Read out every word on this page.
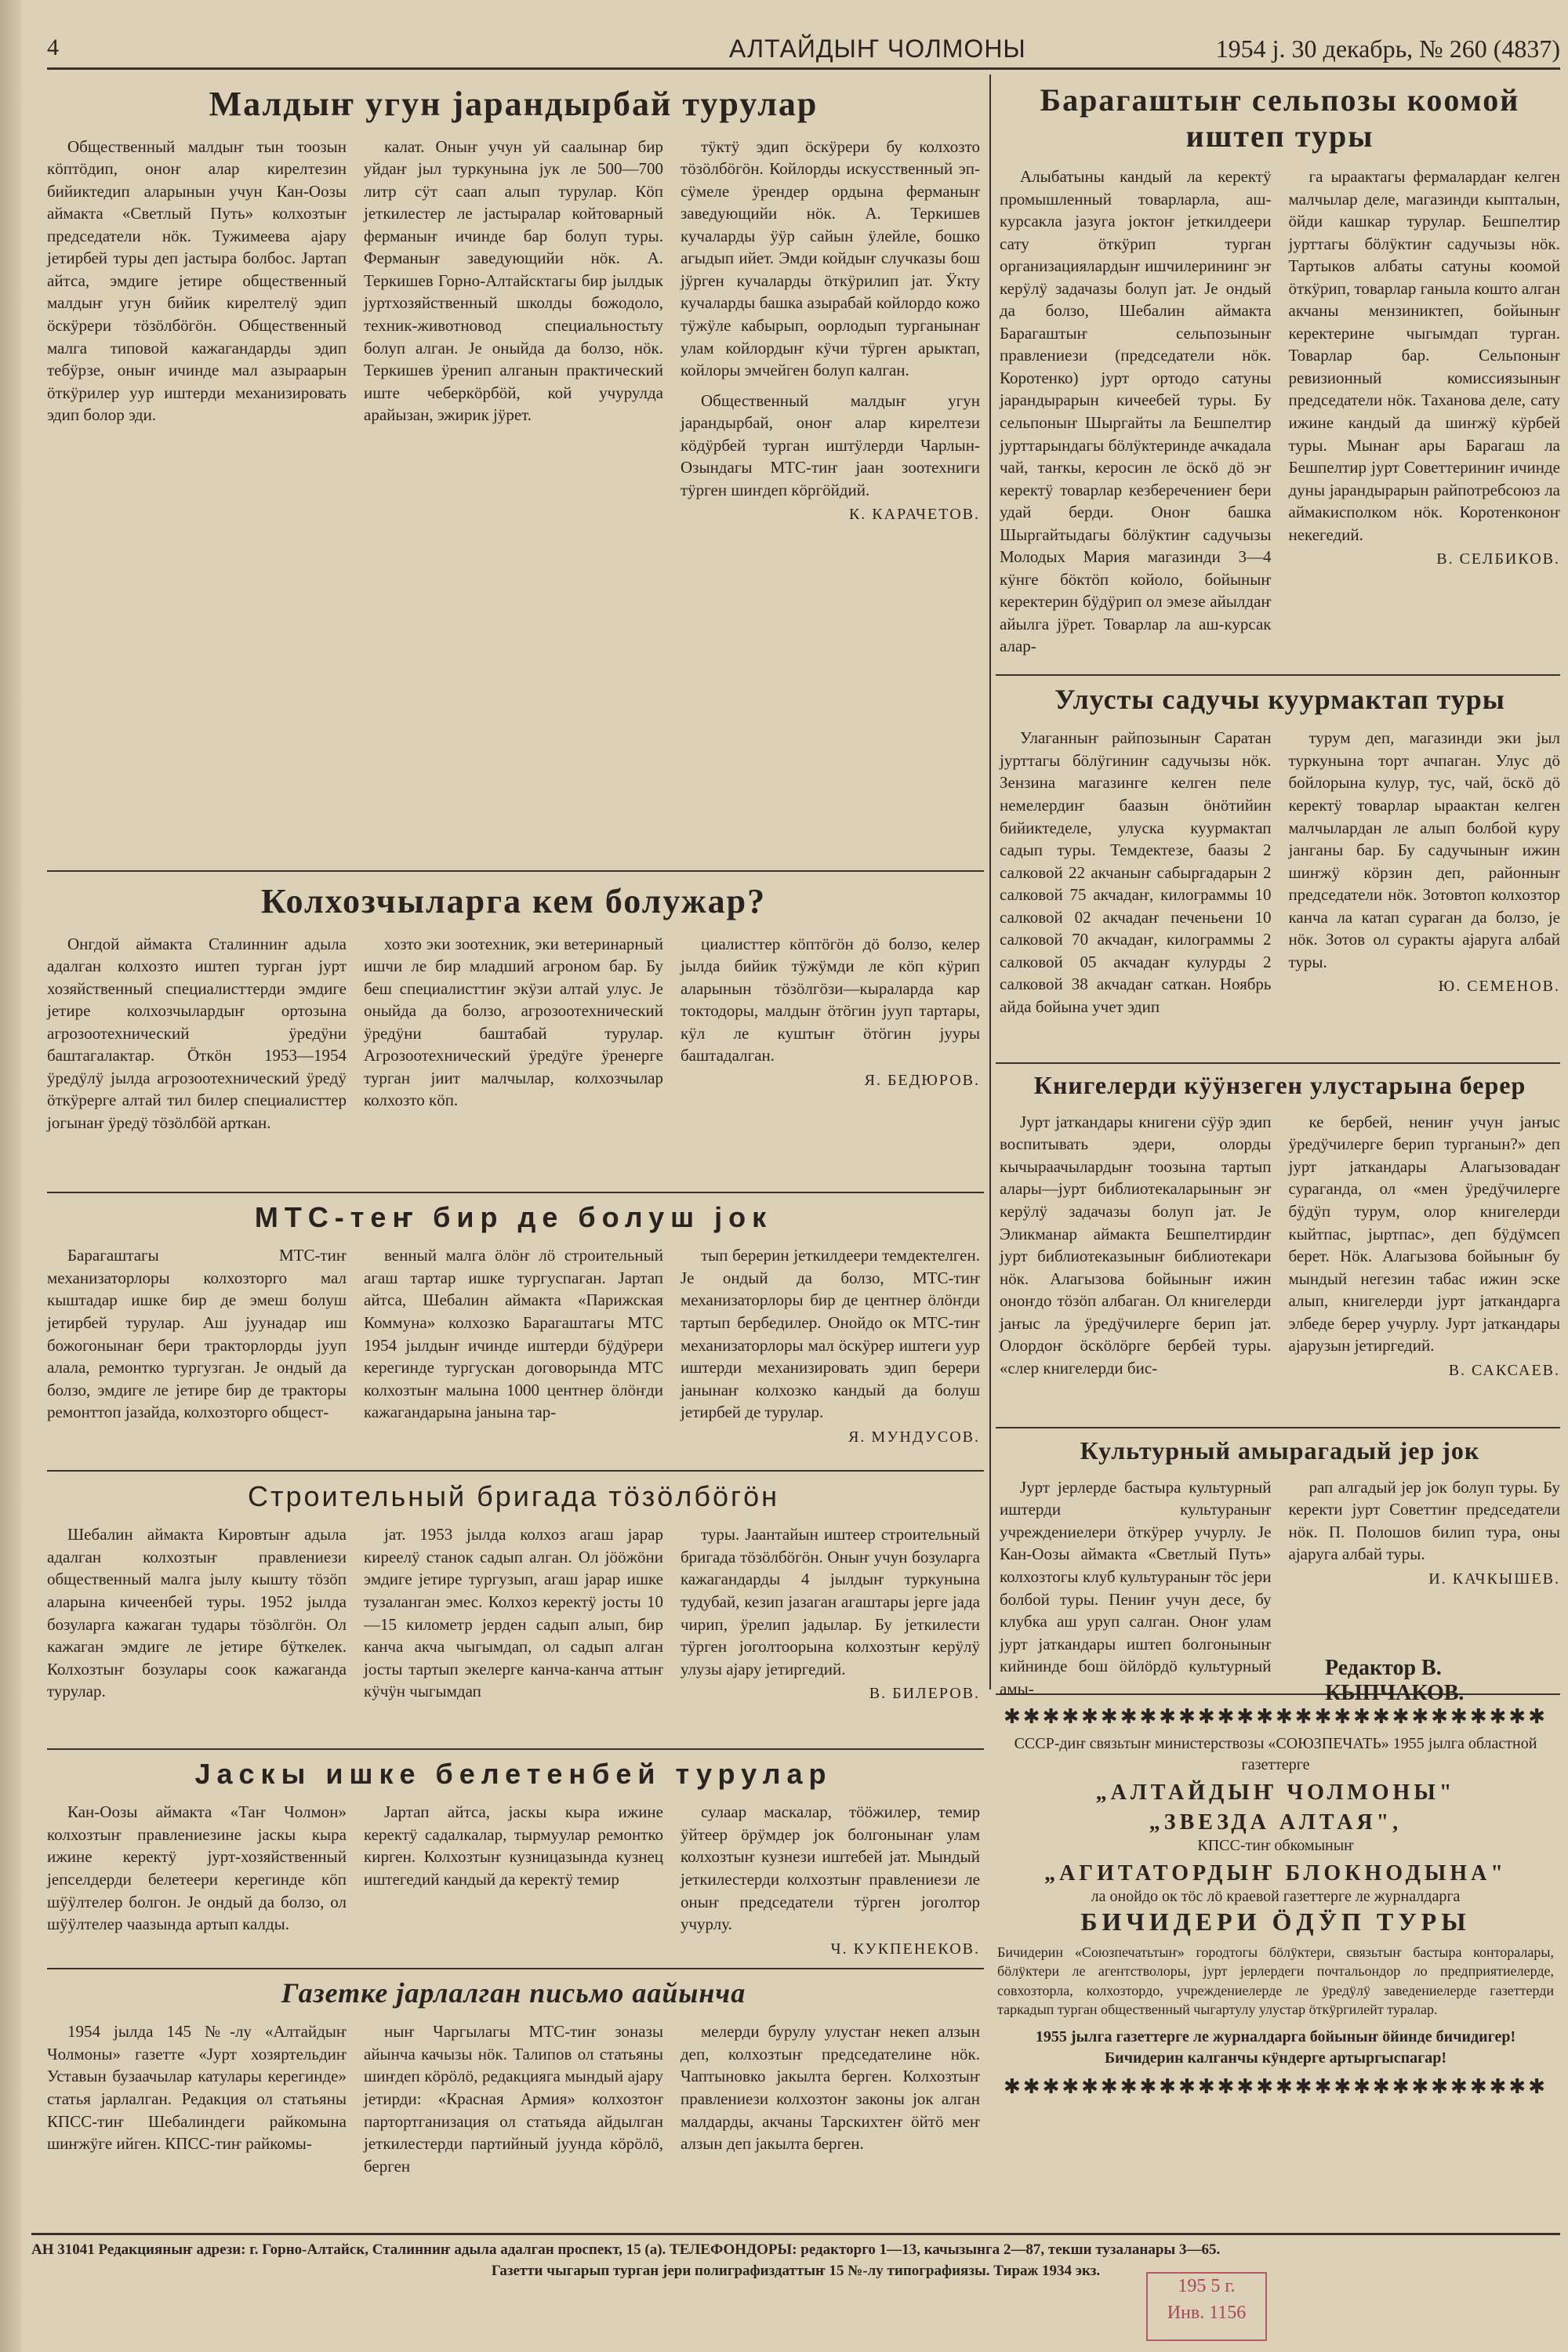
4	АЛТАЙДЫҤ ЧОЛМОНЫ	1954 ј. 30 декабрь, № 260 (4837)
Малдыҥ угун јарандырбай турулар

Общественный малдыҥ тын тоозын кöптöдип, оноҥ алар кирелтезин бийиктедип аларынын учун Кан-Оозы аймакта «Светлый Путь» колхозтыҥ председатели нöк. Тужимеева ајару јетирбей туры деп јастыра болбос. Јартап айтса, эмдиге јетире общественный малдыҥ угун бийик кирелтелӱ эдип öскӱрери тöзöлбöгöн. Общественный малга типовой кажагандарды эдип тебӱрзе, оныҥ ичинде мал азыраарын öткӱрилер уур иштерди механизировать эдип болор эди.

калат. Оныҥ учун уй саалынар бир уйдаҥ јыл туркунына јук ле 500—700 литр сӱт саап алып турулар. Кöп јеткилестер ле јастыралар койтоварный ферманыҥ ичинде бар болуп туры. Ферманыҥ заведующийи нöк. А. Теркишев Горно-Алтайсктагы бир јылдык јуртхозяйственный школды божодоло, техник-животновод специальностьту болуп алган. Је оныйда да болзо, нöк. Теркишев ӱренип алганын практический иште чеберкöрбöй, кой учурулда арайызан, эжирик јӱрет.

тӱктӱ эдип öскӱрери бу колхозто тöзöлбöгöн. Койлорды искусственный эп-сӱмеле ӱрендер ордына ферманыҥ заведующийи нöк. А. Теркишев кучаларды ӱӱр сайын ӱлейле, бошко агыдып ийет. Эмди койдыҥ случказы бош јӱрген кучаларды öткӱрилип јат. Ӱкту кучаларды башка азырабай койлордо кожо тӱжӱле кабырып, оорлодып турганынаҥ улам койлордыҥ кӱчи тӱрген арыктап, койлоры эмчейген болуп калган.

Общественный малдыҥ угун јарандырбай, оноҥ алар кирелтези кöдӱрбей турган иштӱлерди Чарлын-Озындагы МТС-тиҥ јаан зоотехниги тӱрген шиҥдеп кöргöйдий.

К. КАРАЧЕТОВ.
Колхозчыларга кем болужар?

Онгдой аймакта Сталинниҥ адыла адалган колхозто иштеп турган јурт хозяйственный специалисттерди эмдиге јетире колхозчылардыҥ ортозына агрозоотехнический ӱредӱни баштагалактар. Öткöн 1953—1954 ӱредӱлӱ јылда агрозоотехнический ӱредӱ öткӱрерге алтай тил билер специалисттер јогынаҥ ӱредӱ тöзöлбöй арткан.

хозто эки зоотехник, эки ветеринарный ишчи ле бир младший агроном бар. Бу беш специалисттиҥ экӱзи алтай улус. Је оныйда да болзо, агрозоотехнический ӱредӱни баштабай турулар. Агрозоотехнический ӱредӱге ӱренерге турган јиит малчылар, колхозчылар колхозто кöп.

циалисттер кöптöгöн дö болзо, келер јылда бийик тӱжӱмди ле кöп кӱрип аларынын тöзöлгöзи—кыраларда кар токтодоры, малдыҥ öтöгин јууп тартары, кӱл ле куштыҥ öтöгин јууры баштадалган.

Я. БЕДЮРОВ.
МТС-теҥ бир де болуш јок

Барагаштагы МТС-тиҥ механизаторлоры колхозторго мал кыштадар ишке бир де эмеш болуш јетирбей турулар. Аш јуунадар иш божогонынаҥ бери тракторлорды јууп алала, ремонтко тургузган. Је ондый да болзо, эмдиге ле јетире бир де тракторы ремонттоп јазайда, колхозторго общест-

венный малга öлöҥ лö строительный агаш тартар ишке тургуспаган. Јартап айтса, Шебалин аймакта «Парижская Коммуна» колхозко Барагаштагы МТС 1954 јылдыҥ ичинде иштерди бӱдӱрери керегинде тургускан договорында МТС колхозтыҥ малына 1000 центнер öлöҥди кажагандарына јанына тар-

тып берерин јеткилдеери темдектелген. Је ондый да болзо, МТС-тиҥ механизаторлоры бир де центнер öлöҥди тартып бербедилер. Онойдо ок МТС-тиҥ механизаторлоры мал öскӱрер иштеги уур иштерди механизировать эдип берери јанынаҥ колхозко кандый да болуш јетирбей де турулар.

Я. МУНДУСОВ.
Строительный бригада тöзöлбöгöн

Шебалин аймакта Кировтыҥ адыла адалган колхозтыҥ правлениези общественный малга јылу кышту тöзöп аларына кичеенбей туры. 1952 јылда бозуларга кажаган тудары тöзöлгöн. Ол кажаган эмдиге ле јетире бӱткелек. Колхозтыҥ бозулары соок кажаганда турулар.

јат. 1953 јылда колхоз агаш јарар киреелӱ станок садып алган. Ол јööжöни эмдиге јетире тургузып, агаш јарар ишке тузаланган эмес. Колхоз керектӱ јосты 10—15 километр јерден садып алып, бир канча акча чыгымдап, ол садып алган јосты тартып экелерге канча-канча аттыҥ кӱчӱн чыгымдап

туры. Јаантайын иштеер строительный бригада тöзöлбöгöн. Оныҥ учун бозуларга кажагандарды 4 јылдыҥ туркунына тудубай, кезип јазаган агаштары јерге јада чирип, ӱрелип јадылар. Бу јеткилести тӱрген јоголтоорына колхозтыҥ керӱлӱ улузы ајару јетиргедий.

В. БИЛЕРОВ.
Јаскы ишке белетенбей турулар

Кан-Оозы аймакта «Таҥ Чолмон» колхозтыҥ правлениезине јаскы кыра ижине керектӱ јурт-хозяйственный јепселдерди белетеери керегинде кöп шӱӱлтелер болгон. Је ондый да болзо, ол шӱӱлтелер чаазында артып калды.

Јартап айтса, јаскы кыра ижине керектӱ садалкалар, тырмуулар ремонтко кирген. Колхозтыҥ кузницазында кузнец иштегедий кандый да керектӱ темир

сулаар маскалар, тööжилер, темир ӱйтеер öрӱмдер јок болгонынаҥ улам колхозтыҥ кузнези иштебей јат. Мындый јеткилестерди колхозтыҥ правлениези ле оныҥ председатели тӱрген јоголтор учурлу.

Ч. КУКПЕНЕКОВ.
Газетке јарлалган письмо аайынча

1954 јылда 145 №-лу «Алтайдыҥ Чолмоны» газетте «Јурт хозяртельдиҥ Уставын бузаачылар катулары керегинде» статья јарлалган. Редакция ол статьяны КПСС-тиҥ Шебалиндеги райкомына шиҥжӱге ийген. КПСС-тиҥ райкомы-

ныҥ Чаргылагы МТС-тиҥ зоназы айынча качызы нöк. Талипов ол статьяны шиҥдеп кöрöлö, редакцияга мындый ајару јетирди: «Красная Армия» колхозтоҥ партортганизация ол статьяда айдылган јеткилестерди партийный јуунда кöрöлö, берген

мелерди бурулу улустаҥ некеп алзын деп, колхозтыҥ председателине нöк. Чаптыновко јакылта берген. Колхозтыҥ правлениези колхозтоҥ законы јок алган малдарды, акчаны Тарскихтеҥ öйтö меҥ алзын деп јакылта берген.

Барагаштыҥ сельпозы коомой иштеп туры

Алыбатыны кандый ла керектӱ промышленный товарларла, аш-курсакла јазуга јоктоҥ јеткилдеери сату öткӱрип турган организациялардыҥ ишчилерининг эҥ керӱлӱ задачазы болуп јат. Је ондый да болзо, Шебалин аймакта Барагаштыҥ сельпозыныҥ правлениези (председатели нöк. Коротенко) јурт ортодо сатуны јарандырарын кичеебей туры. Бу сельпоныҥ Шыргайты ла Бешпелтир јурттарындагы бöлӱктеринде ачкадала чай, таҥкы, керосин ле öскö дö эҥ керектӱ товарлар кезберечениеҥ бери удай берди. Оноҥ башка Шыргайтыдагы бöлӱктиҥ садучызы Молодых Мария магазинди 3—4 кӱнге бöктöп койоло, бойыныҥ керектерин бӱдӱрип ол эмезе айылдаҥ айылга јӱрет. Товарлар ла аш-курсак алар-

га ыраактагы фермалардаҥ келген малчылар деле, магазинди кыпталын, öйди кашкар турулар. Бешпелтир јурттагы бöлӱктиҥ садучызы нöк. Тартыков албаты сатуны коомой öткӱрип, товарлар ганыла кошто алган акчаны мензиниктеп, бойыныҥ керектерине чыгымдап турган. Товарлар бар. Сельпоныҥ ревизионный комиссиязыныҥ председатели нöк. Таханова деле, сату ижине кандый да шиҥжӱ кӱрбей туры. Мынаҥ ары Барагаш ла Бешпелтир јурт Советтериниҥ ичинде дуны јарандырарын райпотребсоюз ла аймакисполком нöк. Коротенконоҥ некегедий.

В. СЕЛБИКОВ.
Улусты садучы куурмактап туры

Улаганныҥ райпозыныҥ Саратан јурттагы бöлӱгиниҥ садучызы нöк. Зензина магазинге келген пеле немелердиҥ баазын öнöтийин бийиктеделе, улуска куурмактап садып туры. Темдектезе, баазы 2 салковой 22 акчаныҥ сабыргадарын 2 салковой 75 акчадаҥ, килограммы 10 салковой 02 акчадаҥ печеньени 10 салковой 70 акчадаҥ, килограммы 2 салковой 05 акчадаҥ кулурды 2 салковой 38 акчадаҥ саткан. Ноябрь айда бойына учет эдип

турум деп, магазинди эки јыл туркунына торт ачпаган. Улус дö бойлорына кулур, тус, чай, öскö дö керектӱ товарлар ыраактан келген малчылардан ле алып болбой куру јанганы бар. Бу садучыныҥ ижин шиҥжӱ кöрзин деп, районныҥ председатели нöк. Зотовтоп колхозтор канча ла катап сураган да болзо, је нöк. Зотов ол суракты ајаруга албай туры.

Ю. СЕМЕНОВ.
Книгелерди кӱӱнзеген улустарына берер

Јурт јаткандары книгени сӱӱр эдип воспитывать эдери, олорды кычыраачылардыҥ тоозына тартып алары—јурт библиотекаларыныҥ эҥ керӱлӱ задачазы болуп јат. Је Эликманар аймакта Бешпелтирдиҥ јурт библиотеказыныҥ библиотекари нöк. Алагызова бойыныҥ ижин оноҥдо тöзöп албаган. Ол книгелерди јаҥыс ла ӱредӱчилерге берип јат. Олордоҥ öскöлöрге бербей туры. «слер книгелерди бис-

ке бербей, нениҥ учун јаҥыс ӱредӱчилерге берип турганын?» деп јурт јаткандары Алагызовадаҥ сураганда, ол «мен ӱредӱчилерге бӱдӱп турум, олор книгелерди кыйтпас, јыртпас», деп бӱдӱмсеп берет. Нöк. Алагызова бойыныҥ бу мындый негезин табас ижин эске алып, книгелерди јурт јаткандарга элбеде берер учурлу. Јурт јаткандары ајарузын јетиргедий.

В. САКСАЕВ.
Культурный амырагадый јер јок

Јурт јерлерде бастыра культурный иштерди культураныҥ учреждениелери öткӱрер учурлу. Је Кан-Оозы аймакта «Светлый Путь» колхозтогы клуб культураныҥ тöс јери болбой туры. Пениҥ учун десе, бу клубка аш уруп салган. Оноҥ улам јурт јаткандары иштеп болгоныныҥ кийнинде бош öйлöрдö культурный амы-

рап алгадый јер јок болуп туры. Бу керекти јурт Советтиҥ председатели нöк. П. Полошов билип тура, оны ајаруга албай туры.

И. КАЧКЫШЕВ.
Редактор В. КЫПЧАКОВ.
✱✱✱✱✱✱✱✱✱✱✱✱✱✱✱✱✱✱✱✱✱✱✱✱✱✱✱✱
СССР-диҥ связьтыҥ министерствозы «СОЮЗПЕЧАТЬ» 1955 јылга областной газеттерге
„АЛТАЙДЫҤ ЧОЛМОНЫ"
„ЗВЕЗДА АЛТАЯ",
КПСС-тиҥ обкомыныҥ
„АГИТАТОРДЫҤ БЛОКНОДЫНА"
ла онойдо ок тöс лö краевой газеттерге ле журналдарга
БИЧИДЕРИ ÖДӰП ТУРЫ
Бичидерин «Союзпечатьтыҥ» городтогы бöлӱктери, связьтыҥ бастыра конторалары, бöлӱктери ле агентстволоры, јурт јерлердеги почтальондор ло предприятиелерде, совхозторла, колхозтордо, учреждениелерде ле ӱредӱлӱ заведениелерде газеттерди таркадып турган общественный чыгартулу улустар öткӱргилейт туралар.
1955 јылга газеттерге ле журналдарга бойыныҥ öйинде бичидигер!
Бичидерин калганчы кӱндерге артыргыспагар!
✱✱✱✱✱✱✱✱✱✱✱✱✱✱✱✱✱✱✱✱✱✱✱✱✱✱✱✱
АН 31041 Редакцияныҥ адрези: г. Горно-Алтайск, Сталинниҥ адыла адалган проспект, 15 (а). ТЕЛЕФОНДОРЫ: редакторго 1—13, качызынга 2—87, текши тузаланары 3—65.
Газетти чыгарып турган јери полиграфиздаттыҥ 15 №-лу типографиязы. Тираж 1934 экз.
195 5 г.
Инв. 1156
